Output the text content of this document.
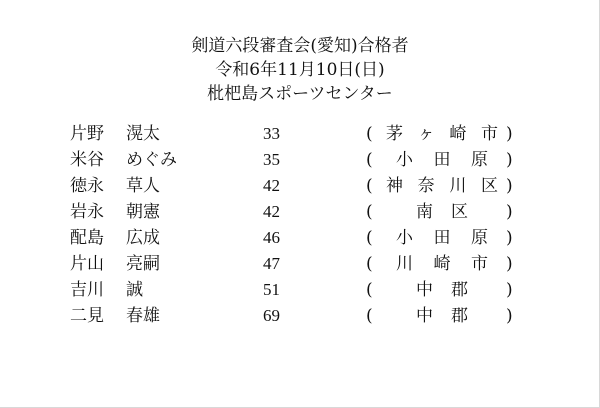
剣道六段審査会(愛知)合格者
令和6年11月10日(日)
枇杷島スポーツセンター
片野 滉太	33	( 茅ヶ崎市 )
米谷 めぐみ	35	( 小田原 )
徳永 草人	42	( 神奈川区 )
岩永 朝憲	42	(	南区 )
配島 広成	46	( 小田原 )
片山 亮嗣	47	( 川崎市 )
吉川 誠	51	(	中郡 )
二見 春雄	69	(	中郡 )
